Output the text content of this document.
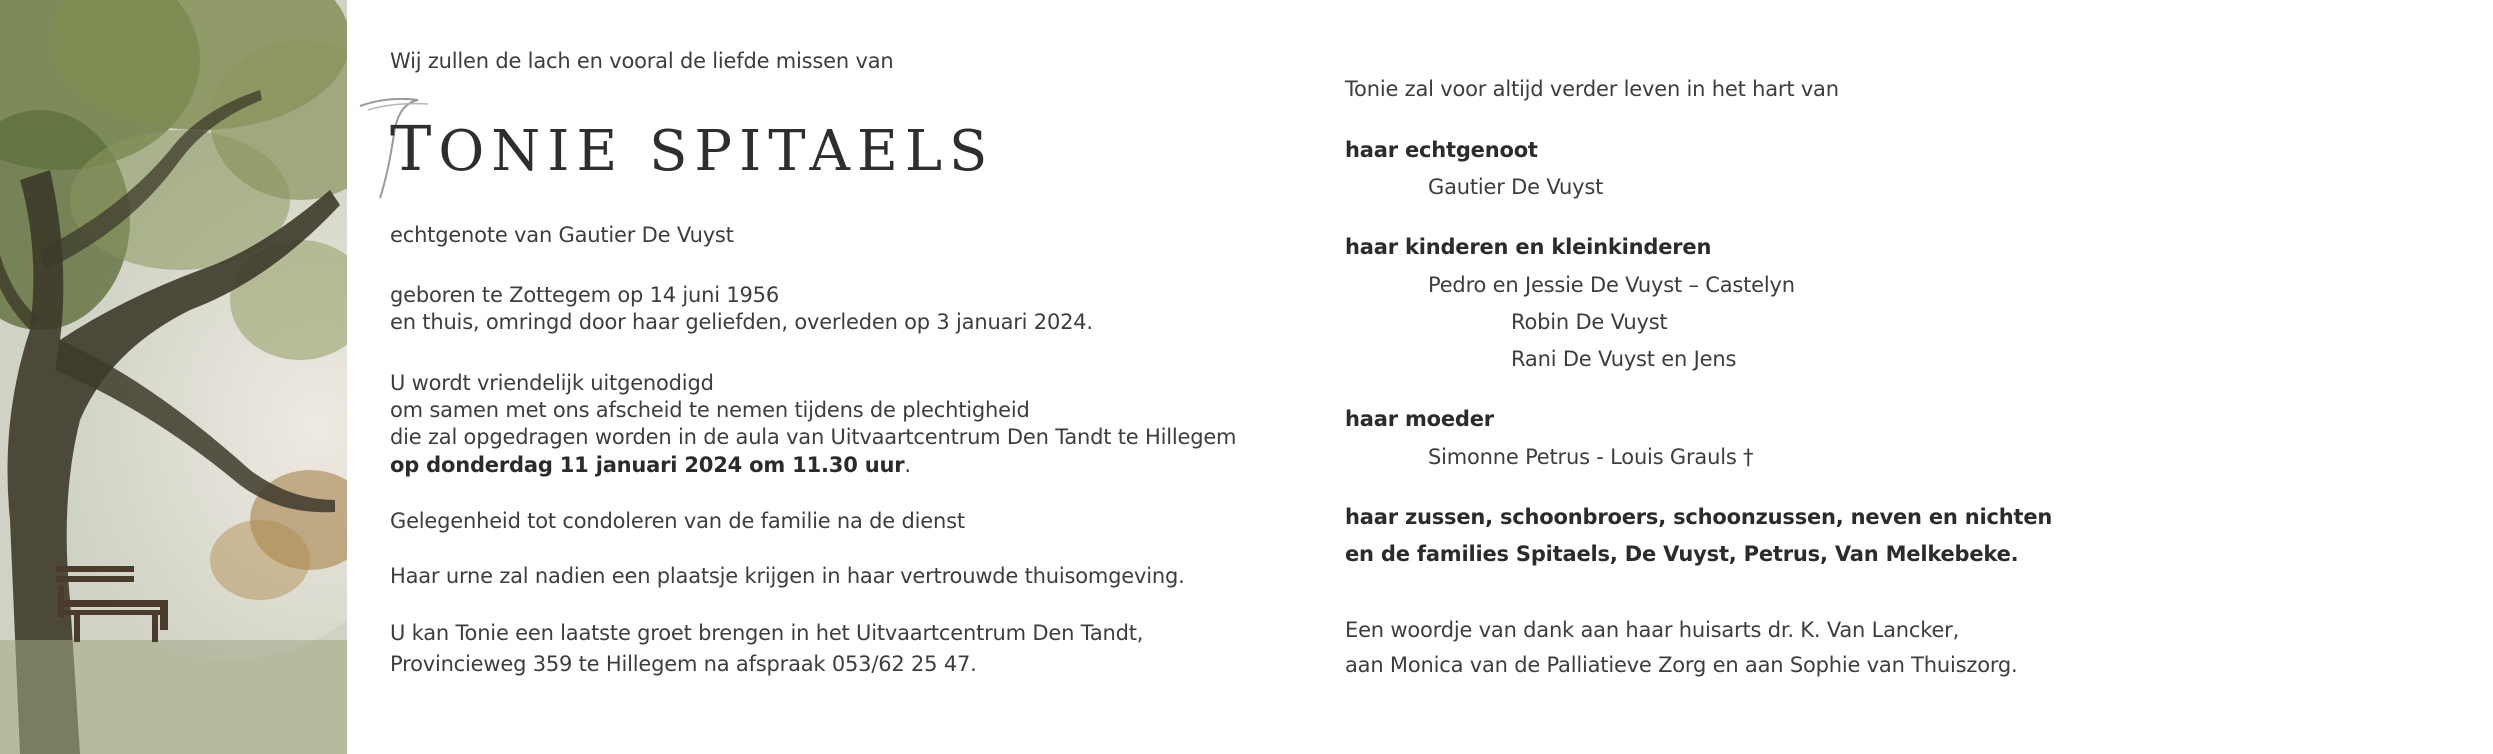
Wij zullen de lach en vooral de liefde missen van
TONIE SPITAELS
echtgenote van Gautier De Vuyst
geboren te Zottegem op 14 juni 1956
en thuis, omringd door haar geliefden, overleden op 3 januari 2024.
U wordt vriendelijk uitgenodigd
om samen met ons afscheid te nemen tijdens de plechtigheid
die zal opgedragen worden in de aula van Uitvaartcentrum Den Tandt te Hillegem
op donderdag 11 januari 2024 om 11.30 uur.
Gelegenheid tot condoleren van de familie na de dienst
Haar urne zal nadien een plaatsje krijgen in haar vertrouwde thuisomgeving.
U kan Tonie een laatste groet brengen in het Uitvaartcentrum Den Tandt,
Provincieweg 359 te Hillegem na afspraak 053/62 25 47.
Tonie zal voor altijd verder leven in het hart van
haar echtgenoot
Gautier De Vuyst
haar kinderen en kleinkinderen
Pedro en Jessie De Vuyst – Castelyn
Robin De Vuyst
Rani De Vuyst en Jens
haar moeder
Simonne Petrus - Louis Grauls †
haar zussen, schoonbroers, schoonzussen, neven en nichten
en de families Spitaels, De Vuyst, Petrus, Van Melkebeke.
Een woordje van dank aan haar huisarts dr. K. Van Lancker,
aan Monica van de Palliatieve Zorg en aan Sophie van Thuiszorg.
